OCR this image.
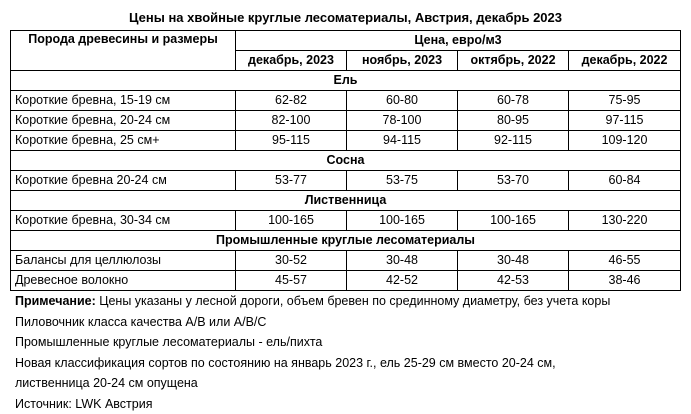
Цены на хвойные круглые лесоматериалы, Австрия, декабрь 2023
Порода древесины и размеры	Цена, евро/м3			
	декабрь, 2023	ноябрь, 2023	октябрь, 2022	декабрь, 2022
Ель				
Короткие бревна, 15-19 см	62-82	60-80	60-78	75-95
Короткие бревна, 20-24 см	82-100	78-100	80-95	97-115
Короткие бревна, 25 см+	95-115	94-115	92-115	109-120
Сосна				
Короткие бревна 20-24 см	53-77	53-75	53-70	60-84
Лиственница				
Короткие бревна, 30-34 см	100-165	100-165	100-165	130-220
Промышленные круглые лесоматериалы				
Балансы для целлюлозы	30-52	30-48	30-48	46-55
Древесное волокно	45-57	42-52	42-53	38-46
Примечание: Цены указаны у лесной дороги, объем бревен по срединному диаметру, без учета коры
Пиловочник класса качества A/B или A/B/C
Промышленные круглые лесоматериалы - ель/пихта
Новая классификация сортов по состоянию на январь 2023 г., ель 25-29 см вместо 20-24 см,
лиственница 20-24 см опущена
Источник: LWK Австрия
